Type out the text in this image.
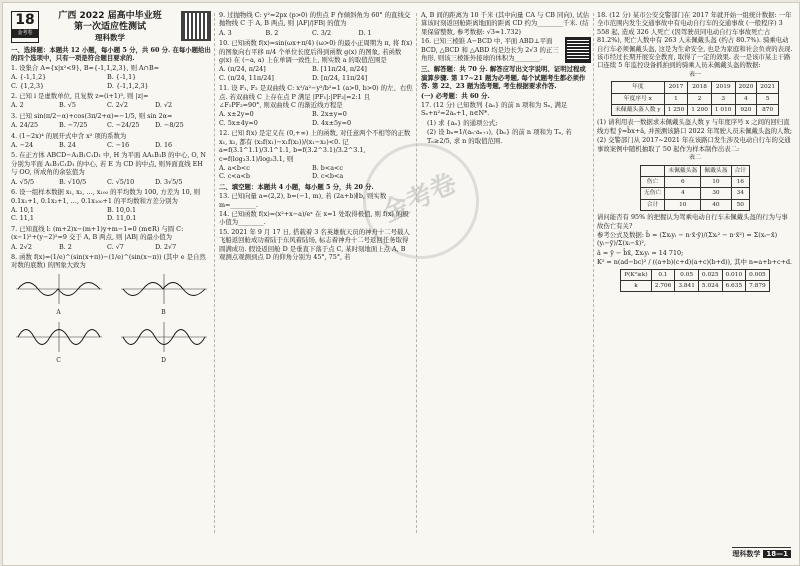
金考卷
18
金考卷
广西 2022 届高中毕业班
第一次适应性测试
理科数学

一、选择题：本题共 12 小题，每小题 5 分，共 60 分. 在每小题给出的四个选项中，只有一项是符合题目要求的.

1. 设集合 A={x|x²<9}, B={-1,1,2,3}, 则 A∩B=

A. {-1,1,2}	B. {-1,1}
C. {1,2,3}	D. {-1,1,2,3}

2. 已知 i 是虚数单位, 且复数 z=(i+1)³, 则 |z|=

A. 2	B. √5	C. 2√2	D. √2

3. 已知 sin(π/2−α)+cos(3π/2+α)=−1/5, 则 sin 2α=

A. 24/25	B. −7/25	C. −24/25	D. −8/25

4. (1−2x)⁴ 的展开式中含 x² 项的系数为

A. −24	B. 24	C. −16	D. 16

5. 在正方体 ABCD−A₁B₁C₁D₁ 中, H 为平面 AA₁B₁B 的中心, O, N 分别为平面 A₁B₁C₁D₁ 的中心, 若 E 为 CD 的中点, 则异面直线 EH 与 OO, 所成角的余弦值为

A. √5/5	B. √10/5	C. √5/10	D. 3√5/5

6. 设一组样本数据 x₁, x₂, …, x₁₀₀ 的平均数为 100, 方差为 10, 则 0.1x₁+1, 0.1x₂+1, …, 0.1x₁₀₀+1 的平均数和方差分别为

A. 10,1	B. 10,0.1
C. 11,1	D. 11,0.1

7. 已知直线 l: (m+2)x−(m+1)y+m−1=0 (m∈R) 与圆 C: (x−1)²+(y−2)²=9 交于 A, B 两点, 则 |AB| 的最小值为

A. 2√2	B. 2	C. √7	D. 2√7

8. 函数 f(x)=(1/e)^(sin(x+π))−(1/e)^(sin(x−π)) (其中 e 是自然对数的底数) 的图象大致为

A	B
C	D

9. 过抛物线 C: y²=2px (p>0) 的焦点 F 作倾斜角为 60° 的直线交抛物线 C 于 A, B 两点, 则 |AF|/|FB| 的值为

A. 3	B. 2	C. 3/2	D. 1

10. 已知函数 f(x)=sin(ωx+π/4) (ω>0) 的最小正周期为 π, 将 f(x) 的图象向右平移 π/4 个单位长度后得到函数 g(x) 的图象, 若函数 g(x) 在 (−a, a) 上在单调一致性上, 则实数 a 的取值范围是

A. (π/24, π/24]	B. [11π/24, π/24]
C. (π/24, 11π/24]	D. [π/24, 11π/24]

11. 设 F₁, F₂ 是双曲线 C: x²/a²−y²/b²=1 (a>0, b>0) 的左、右焦点. 若双曲线 C 上存在点 P 满足 |PF₁|:|PF₂|=2:1 且 ∠F₁PF₂=90°, 则双曲线 C 的渐近线方程是

A. x±2y=0	B. 2x±y=0
C. 5x±4y=0	D. 4x±5y=0

12. 已知 f(x) 是定义在 (0,+∞) 上的函数, 对任意两个不相等的正数 x₁, x₂, 都有 (x₂f(x₁)−x₁f(x₂))/(x₁−x₂)<0. 记 a=f(3.1^1.1)/3.1^1.1, b=f(3.2^3.1)/3.2^3.1, c=f(log₃3.1)/log₃3.1, 则

A. a<b<c	B. b<a<c
C. c<a<b	D. c<b<a

二、填空题：本题共 4 小题，每小题 5 分，共 20 分.

13. 已知向量 a=(2,2), b=(−1, m), 若 (2a+b)∥b, 则实数 m=________.

14. 已知函数 f(x)=(x²+x−a)/eˣ 在 x=1 处取得极值, 则 f(x) 的极小值为________.

15. 2021 年 9 月 17 日, 搭载着 3 名英雄航天员的神舟十二号载人飞船返回舱成功着陆于东风着陆场, 标志着神舟十二号返回任务取得圆满成功. 假设返回舱 D 是垂直下落于点 C, 某时刻地面上点 A, B 观测点观测到点 D 的仰角分别为 45°, 75°, 若

A, B 间的距离为 10 千米 (其中向量 CA 与 CB 同向), 试估算该时刻返回舱距离地面的距离 CD 约为________千米. (结果保留整数, 参考数据: √3≈1.732)

16. 已知三棱锥 A−BCD 中, 平面 ABD⊥平面 BCD, △BCD 和 △ABD 均是边长为 2√3 的正三角形, 则该三棱锥外接球的体积为________.

三、解答题：共 70 分. 解答应写出文字说明、证明过程或演算步骤. 第 17~21 题为必考题, 每个试题考生都必须作答. 第 22、23 题为选考题, 考生根据要求作答.

(一) 必考题：共 60 分.

17. (12 分) 已知数列 {aₙ} 的前 n 项和为 Sₙ, 满足 Sₙ+n²=2aₙ+1, n∈N*.

(1) 求 {aₙ} 的通项公式;

(2) 设 bₙ=1/(aₙ·aₙ₊₁), {bₙ} 的前 n 项和为 Tₙ, 若 Tₙ≥2/5, 求 n 的取值范围.

18. (12 分) 某市公安交警部门在 2017 年就开始一组统计数据: 一年全市范围内发生交通事故中有电动自行车的交通事故 (一般程序) 3 558 起, 造成 326 人死亡 (因驾驶员同电动自行车事故死亡占 81.2%), 死亡人数中有 263 人未佩戴头盔 (约占 80.7%). 骑乘电动自行车必须佩戴头盔, 这是为生命安全, 也是为家庭和社会负责的表现. 该市经过长期开展安全教育, 取得了一定的效果. 表一是该市某主干路口连续 5 年监控设备抓拍到的骑乘人员未佩戴头盔的数据:

表一
年度	2017	2018	2019	2020	2021
年度序号 x	1	2	3	4	5
未佩戴头盔人数 y	1 250	1 200	1 010	920	870

(1) 请利用表一数据求未佩戴头盔人数 y 与年度序号 x 之间的回归直线方程 ŷ=b̂x+â, 并预测该路口 2022 年驾驶人员未佩戴头盔的人数;

(2) 交警部门从 2017~2021 年在该路口发生涉及电动自行车的交通事故案例中随机抽取了 50 起作为样本制作出表二:

表二
	未佩戴头盔	佩戴头盔	合计
伤亡	6	10	16
无伤亡	4	30	34
合计	10	40	50

请问能否有 95% 的把握认为驾乘电动自行车未佩戴头盔的行为与事故伤亡有关?

参考公式及数据: b̂ = (Σxᵢyᵢ − n·x̄·ȳ)/(Σxᵢ² − n·x̄²) = Σ(xᵢ−x̄)(yᵢ−ȳ)/Σ(xᵢ−x̄)²,

â = ȳ − b̂x̄, Σxᵢyᵢ = 14 710;

K² = n(ad−bc)² / ((a+b)(c+d)(a+c)(b+d)), 其中 n=a+b+c+d.

P(K²≥k)	0.1	0.05	0.025	0.010	0.005
k	2.706	3.841	5.024	6.635	7.879
理科数学 18—1
